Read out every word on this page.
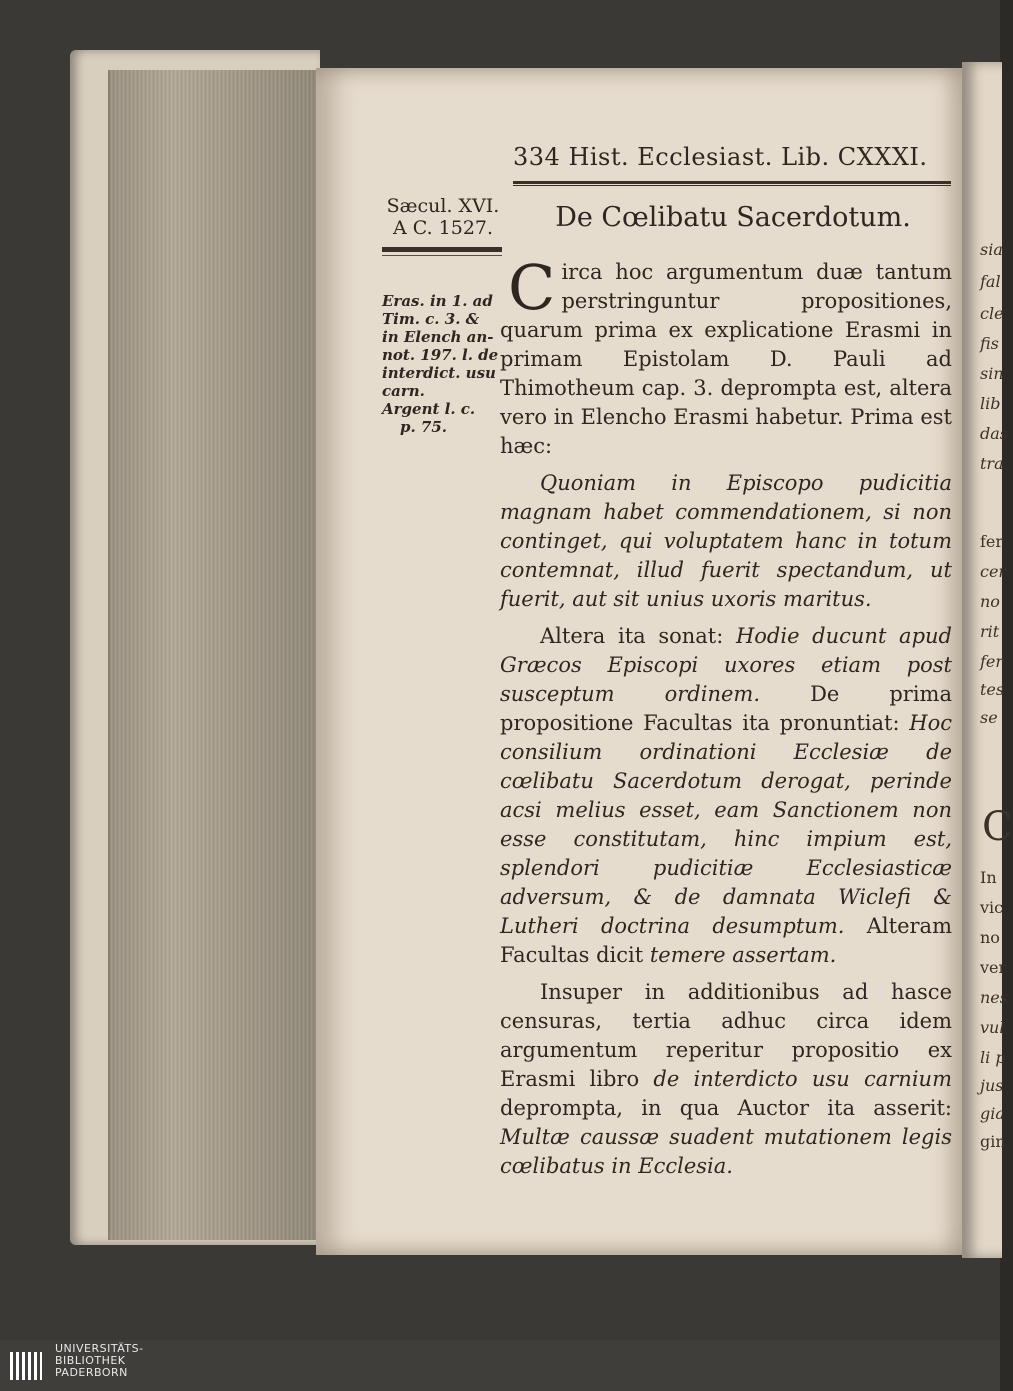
334 Hist. Ecclesiast. Lib. CXXXI.
Sæcul. XVI.
A C. 1527.
Eras. in 1. ad
Tim. c. 3. &
in Elench an-
not. 197. l. de
interdict. usu
carn.
Argent l. c.
p. 75.
De Cœlibatu Sacerdotum.

Circa hoc argumentum duæ tantum perstringuntur propositiones, quarum prima ex explicatione Erasmi in primam Epistolam D. Pauli ad Thimotheum cap. 3. deprompta est, altera vero in Elencho Erasmi habetur. Prima est hæc:

Quoniam in Episcopo pudicitia magnam habet commendationem, si non continget, qui voluptatem hanc in totum contemnat, illud fuerit spectandum, ut fuerit, aut sit unius uxoris maritus.

Altera ita sonat: Hodie ducunt apud Græcos Episcopi uxores etiam post susceptum ordinem. De prima propositione Facultas ita pronuntiat: Hoc consilium ordinationi Ecclesiæ de cœlibatu Sacerdotum derogat, perinde acsi melius esset, eam Sanctionem non esse constitutam, hinc impium est, splendori pudicitiæ Ecclesiasticæ adversum, & de damnata Wiclefi & Lutheri doctrina desumptum. Alteram Facultas dicit temere assertam.

Insuper in additionibus ad hasce censuras, tertia adhuc circa idem argumentum reperitur propositio ex Erasmi libro de interdicto usu carnium deprompta, in qua Auctor ita asserit: Multæ caussæ suadent mutationem legis cœlibatus in Ecclesia.

sia
fal
cle
fis
sin
lib
das
tra
fer
cer
no
rit
fer
tes
se
C
In
vic
no
ver
nes
vul
li p
jus
gia
gin
UNIVERSITÄTS-
BIBLIOTHEK
PADERBORN
